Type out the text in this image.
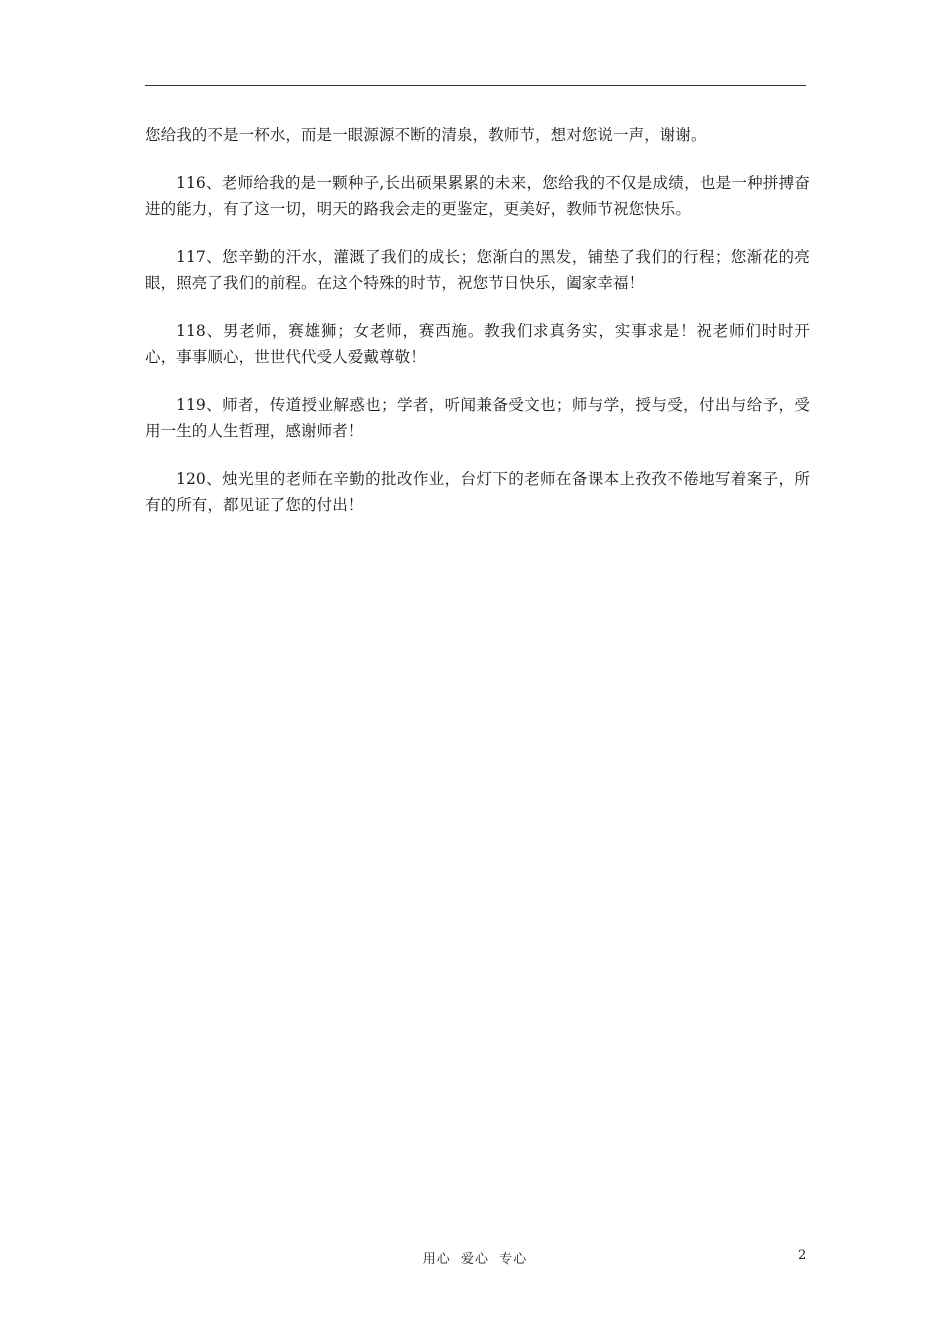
您给我的不是一杯水，而是一眼源源不断的清泉，教师节，想对您说一声，谢谢。

116、老师给我的是一颗种子,长出硕果累累的未来，您给我的不仅是成绩，也是一种拼搏奋进的能力，有了这一切，明天的路我会走的更鉴定，更美好，教师节祝您快乐。

117、您辛勤的汗水，灌溉了我们的成长；您渐白的黑发，铺垫了我们的行程；您渐花的亮眼，照亮了我们的前程。在这个特殊的时节，祝您节日快乐，阖家幸福！

118、男老师，赛雄狮；女老师，赛西施。教我们求真务实，实事求是！祝老师们时时开心，事事顺心，世世代代受人爱戴尊敬！

119、师者，传道授业解惑也；学者，听闻兼备受文也；师与学，授与受，付出与给予，受用一生的人生哲理，感谢师者！

120、烛光里的老师在辛勤的批改作业，台灯下的老师在备课本上孜孜不倦地写着案子，所有的所有，都见证了您的付出！

用心  爱心  专心	2
